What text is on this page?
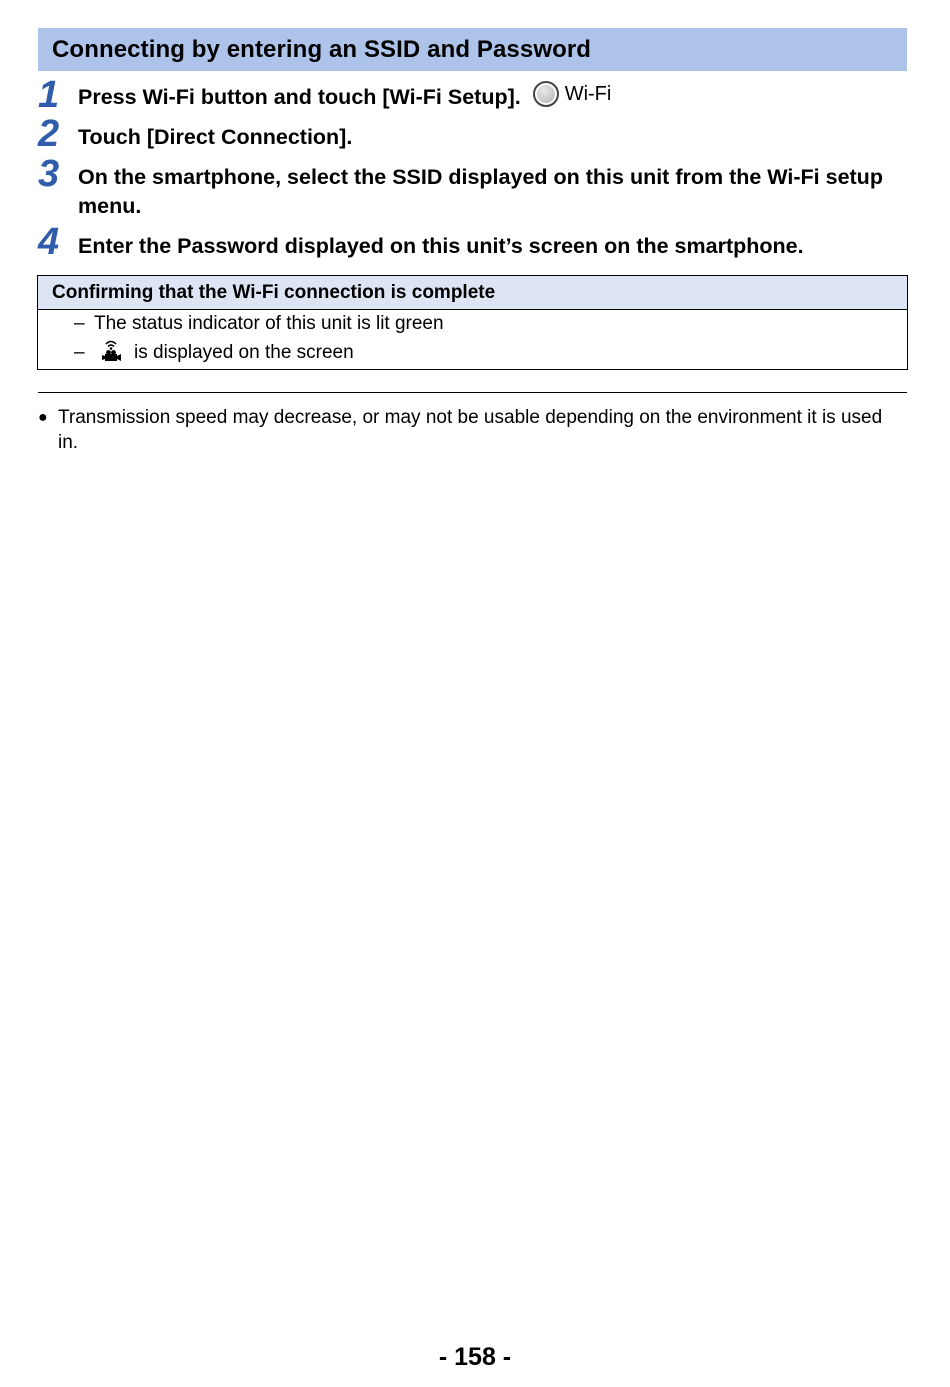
Connecting by entering an SSID and Password
1 Press Wi-Fi button and touch [Wi-Fi Setup]. Wi-Fi
2 Touch [Direct Connection].
3 On the smartphone, select the SSID displayed on this unit from the Wi-Fi setup menu.
4 Enter the Password displayed on this unit’s screen on the smartphone.
Confirming that the Wi-Fi connection is complete
– The status indicator of this unit is lit green
–	is displayed on the screen
● Transmission speed may decrease, or may not be usable depending on the environment it is used in.
- 158 -
